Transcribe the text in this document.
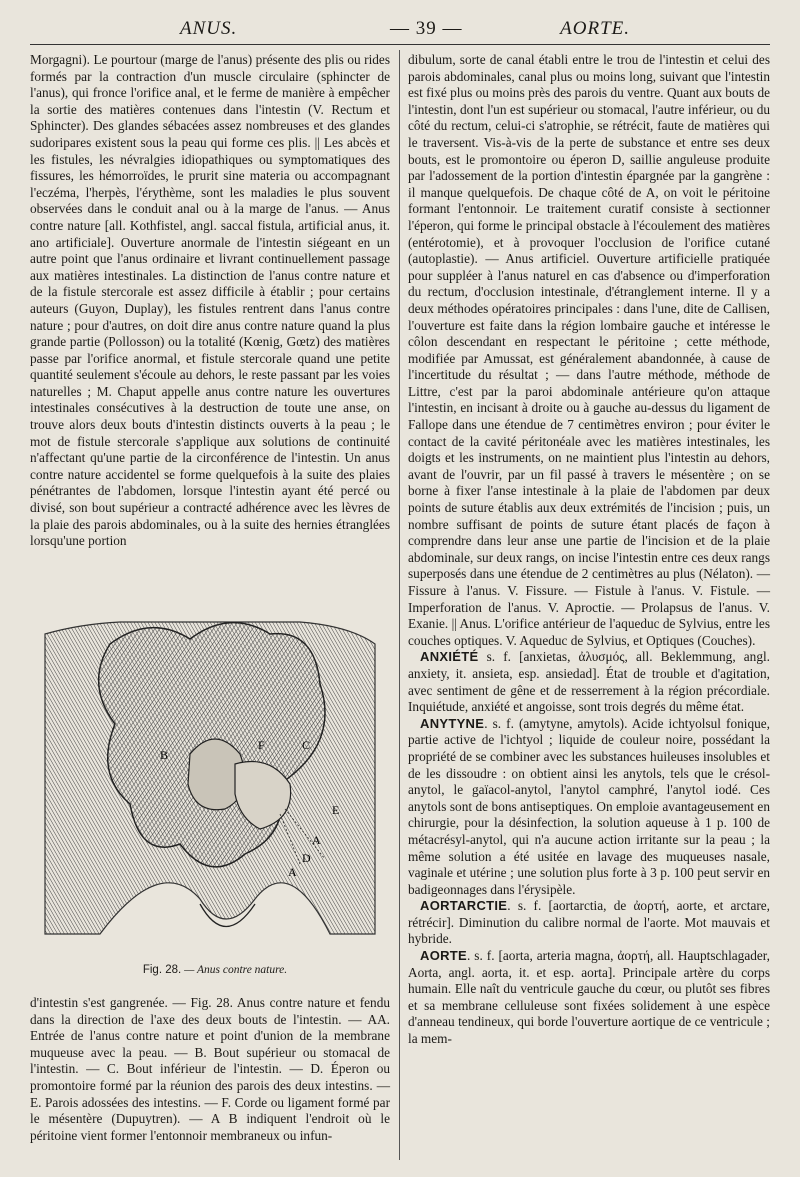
ANUS.	— 39 —	AORTE.

Morgagni). Le pourtour (marge de l'anus) présente des plis ou rides formés par la contraction d'un muscle circulaire (sphincter de l'anus), qui fronce l'orifice anal, et le ferme de manière à empêcher la sortie des matières contenues dans l'intestin (V. Rectum et Sphincter). Des glandes sébacées assez nombreuses et des glandes sudoripares existent sous la peau qui forme ces plis. || Les abcès et les fistules, les névralgies idiopathiques ou symptomatiques des fissures, les hémorroïdes, le prurit sine materia ou accompagnant l'eczéma, l'herpès, l'érythème, sont les maladies le plus souvent observées dans le conduit anal ou à la marge de l'anus. — Anus contre nature [all. Kothfistel, angl. saccal fistula, artificial anus, it. ano artificiale]. Ouverture anormale de l'intestin siégeant en un autre point que l'anus ordinaire et livrant continuellement passage aux matières intestinales. La distinction de l'anus contre nature et de la fistule stercorale est assez difficile à établir ; pour certains auteurs (Guyon, Duplay), les fistules rentrent dans l'anus contre nature ; pour d'autres, on doit dire anus contre nature quand la plus grande partie (Pollosson) ou la totalité (Kœnig, Gœtz) des matières passe par l'orifice anormal, et fistule stercorale quand une petite quantité seulement s'écoule au dehors, le reste passant par les voies naturelles ; M. Chaput appelle anus contre nature les ouvertures intestinales consécutives à la destruction de toute une anse, on trouve alors deux bouts d'intestin distincts ouverts à la peau ; le mot de fistule stercorale s'applique aux solutions de continuité n'affectant qu'une partie de la circonférence de l'intestin. Un anus contre nature accidentel se forme quelquefois à la suite des plaies pénétrantes de l'abdomen, lorsque l'intestin ayant été percé ou divisé, son bout supérieur a contracté adhérence avec les lèvres de la plaie des parois abdominales, ou à la suite des hernies étranglées lorsqu'une portion

B
F	C
E
A
D
A
Fig. 28. — Anus contre nature.

d'intestin s'est gangrenée. — Fig. 28. Anus contre nature et fendu dans la direction de l'axe des deux bouts de l'intestin. — AA. Entrée de l'anus contre nature et point d'union de la membrane muqueuse avec la peau. — B. Bout supérieur ou stomacal de l'intestin. — C. Bout inférieur de l'intestin. — D. Éperon ou promontoire formé par la réunion des parois des deux intestins. — E. Parois adossées des intestins. — F. Corde ou ligament formé par le mésentère (Dupuytren). — A B indiquent l'endroit où le péritoine vient former l'entonnoir membraneux ou infun-

dibulum, sorte de canal établi entre le trou de l'intestin et celui des parois abdominales, canal plus ou moins long, suivant que l'intestin est fixé plus ou moins près des parois du ventre. Quant aux bouts de l'intestin, dont l'un est supérieur ou stomacal, l'autre inférieur, ou du côté du rectum, celui-ci s'atrophie, se rétrécit, faute de matières qui le traversent. Vis-à-vis de la perte de substance et entre ses deux bouts, est le promontoire ou éperon D, saillie anguleuse produite par l'adossement de la portion d'intestin épargnée par la gangrène : il manque quelquefois. De chaque côté de A, on voit le péritoine formant l'entonnoir. Le traitement curatif consiste à sectionner l'éperon, qui forme le principal obstacle à l'écoulement des matières (entérotomie), et à provoquer l'occlusion de l'orifice cutané (autoplastie). — Anus artificiel. Ouverture artificielle pratiquée pour suppléer à l'anus naturel en cas d'absence ou d'imperforation du rectum, d'occlusion intestinale, d'étranglement interne. Il y a deux méthodes opératoires principales : dans l'une, dite de Callisen, l'ouverture est faite dans la région lombaire gauche et intéresse le côlon descendant en respectant le péritoine ; cette méthode, modifiée par Amussat, est généralement abandonnée, à cause de l'incertitude du résultat ; — dans l'autre méthode, méthode de Littre, c'est par la paroi abdominale antérieure qu'on attaque l'intestin, en incisant à droite ou à gauche au-dessus du ligament de Fallope dans une étendue de 7 centimètres environ ; pour éviter le contact de la cavité péritonéale avec les matières intestinales, les doigts et les instruments, on ne maintient plus l'intestin au dehors, avant de l'ouvrir, par un fil passé à travers le mésentère ; on se borne à fixer l'anse intestinale à la plaie de l'abdomen par deux points de suture établis aux deux extrémités de l'incision ; puis, un nombre suffisant de points de suture étant placés de façon à comprendre dans leur anse une partie de l'incision et de la plaie abdominale, sur deux rangs, on incise l'intestin entre ces deux rangs superposés dans une étendue de 2 centimètres au plus (Nélaton). — Fissure à l'anus. V. Fissure. — Fistule à l'anus. V. Fistule. — Imperforation de l'anus. V. Aproctie. — Prolapsus de l'anus. V. Exanie. || Anus. L'orifice antérieur de l'aqueduc de Sylvius, entre les couches optiques. V. Aqueduc de Sylvius, et Optiques (Couches).

ANXIÉTÉ s. f. [anxietas, ἀλυσμός, all. Beklemmung, angl. anxiety, it. ansieta, esp. ansiedad]. État de trouble et d'agitation, avec sentiment de gêne et de resserrement à la région précordiale. Inquiétude, anxiété et angoisse, sont trois degrés du même état.

ANYTYNE. s. f. (amytyne, amytols). Acide ichtyolsul fonique, partie active de l'ichtyol ; liquide de couleur noire, possédant la propriété de se combiner avec les substances huileuses insolubles et de les dissoudre : on obtient ainsi les anytols, tels que le crésol-anytol, le gaïacol-anytol, l'anytol camphré, l'anytol iodé. Ces anytols sont de bons antiseptiques. On emploie avantageusement en chirurgie, pour la désinfection, la solution aqueuse à 1 p. 100 de métacrésyl-anytol, qui n'a aucune action irritante sur la peau ; la même solution a été usitée en lavage des muqueuses nasale, vaginale et utérine ; une solution plus forte à 3 p. 100 peut servir en badigeonnages dans l'érysipèle.

AORTARCTIE. s. f. [aortarctia, de ἀορτή, aorte, et arctare, rétrécir]. Diminution du calibre normal de l'aorte. Mot mauvais et hybride.

AORTE. s. f. [aorta, arteria magna, ἀορτή, all. Hauptschlagader, Aorta, angl. aorta, it. et esp. aorta]. Principale artère du corps humain. Elle naît du ventricule gauche du cœur, ou plutôt ses fibres et sa membrane celluleuse sont fixées solidement à une espèce d'anneau tendineux, qui borde l'ouverture aortique de ce ventricule ; la mem-
